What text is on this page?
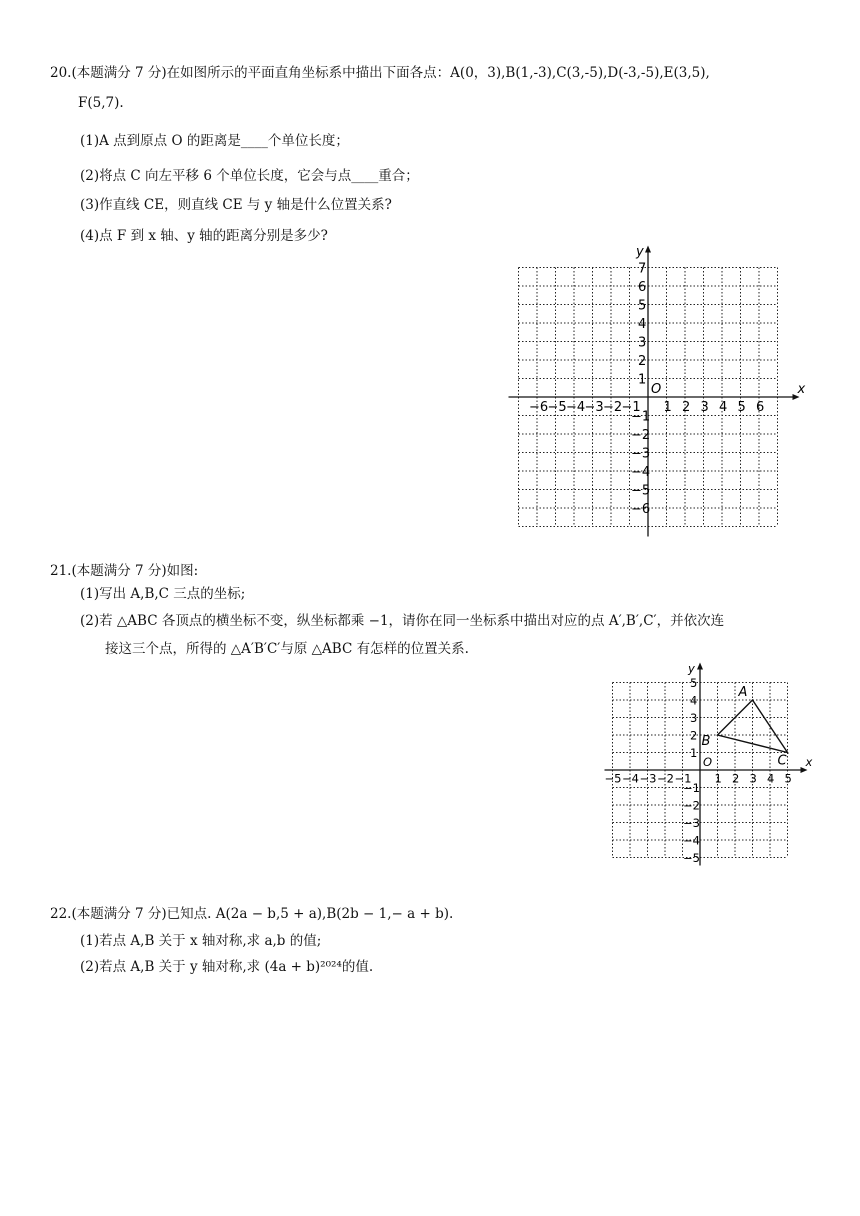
20.(本题满分 7 分)在如图所示的平面直角坐标系中描出下面各点：A(0，3),B(1,-3),C(3,-5),D(-3,-5),E(3,5),
F(5,7).
(1)A 点到原点 O 的距离是____个单位长度；
(2)将点 C 向左平移 6 个单位长度，它会与点____重合；
(3)作直线 CE，则直线 CE 与 y 轴是什么位置关系?
(4)点 F 到 x 轴、y 轴的距离分别是多少?
x
y
O
−6 −5 −4 −3 −2 −1 1 2 3 4 5 6
7
6
5
4
3
2
1
−1
−2
−3
−4
−5
−6
21.(本题满分 7 分)如图:
(1)写出 A,B,C 三点的坐标;
(2)若 △ABC 各顶点的横坐标不变，纵坐标都乘 −1，请你在同一坐标系中描出对应的点 A′,B′,C′，并依次连
接这三个点，所得的 △A′B′C′与原 △ABC 有怎样的位置关系.
x
y
O
−5 −4 −3 −2 −1 1 2 3 4 5
5
4
3
2
1
−1
−2
−3
−4
−5
A
B
C
22.(本题满分 7 分)已知点. A(2a − b,5 + a),B(2b − 1,− a + b).
(1)若点 A,B 关于 x 轴对称,求 a,b 的值;
(2)若点 A,B 关于 y 轴对称,求 (4a + b)²⁰²⁴的值.
